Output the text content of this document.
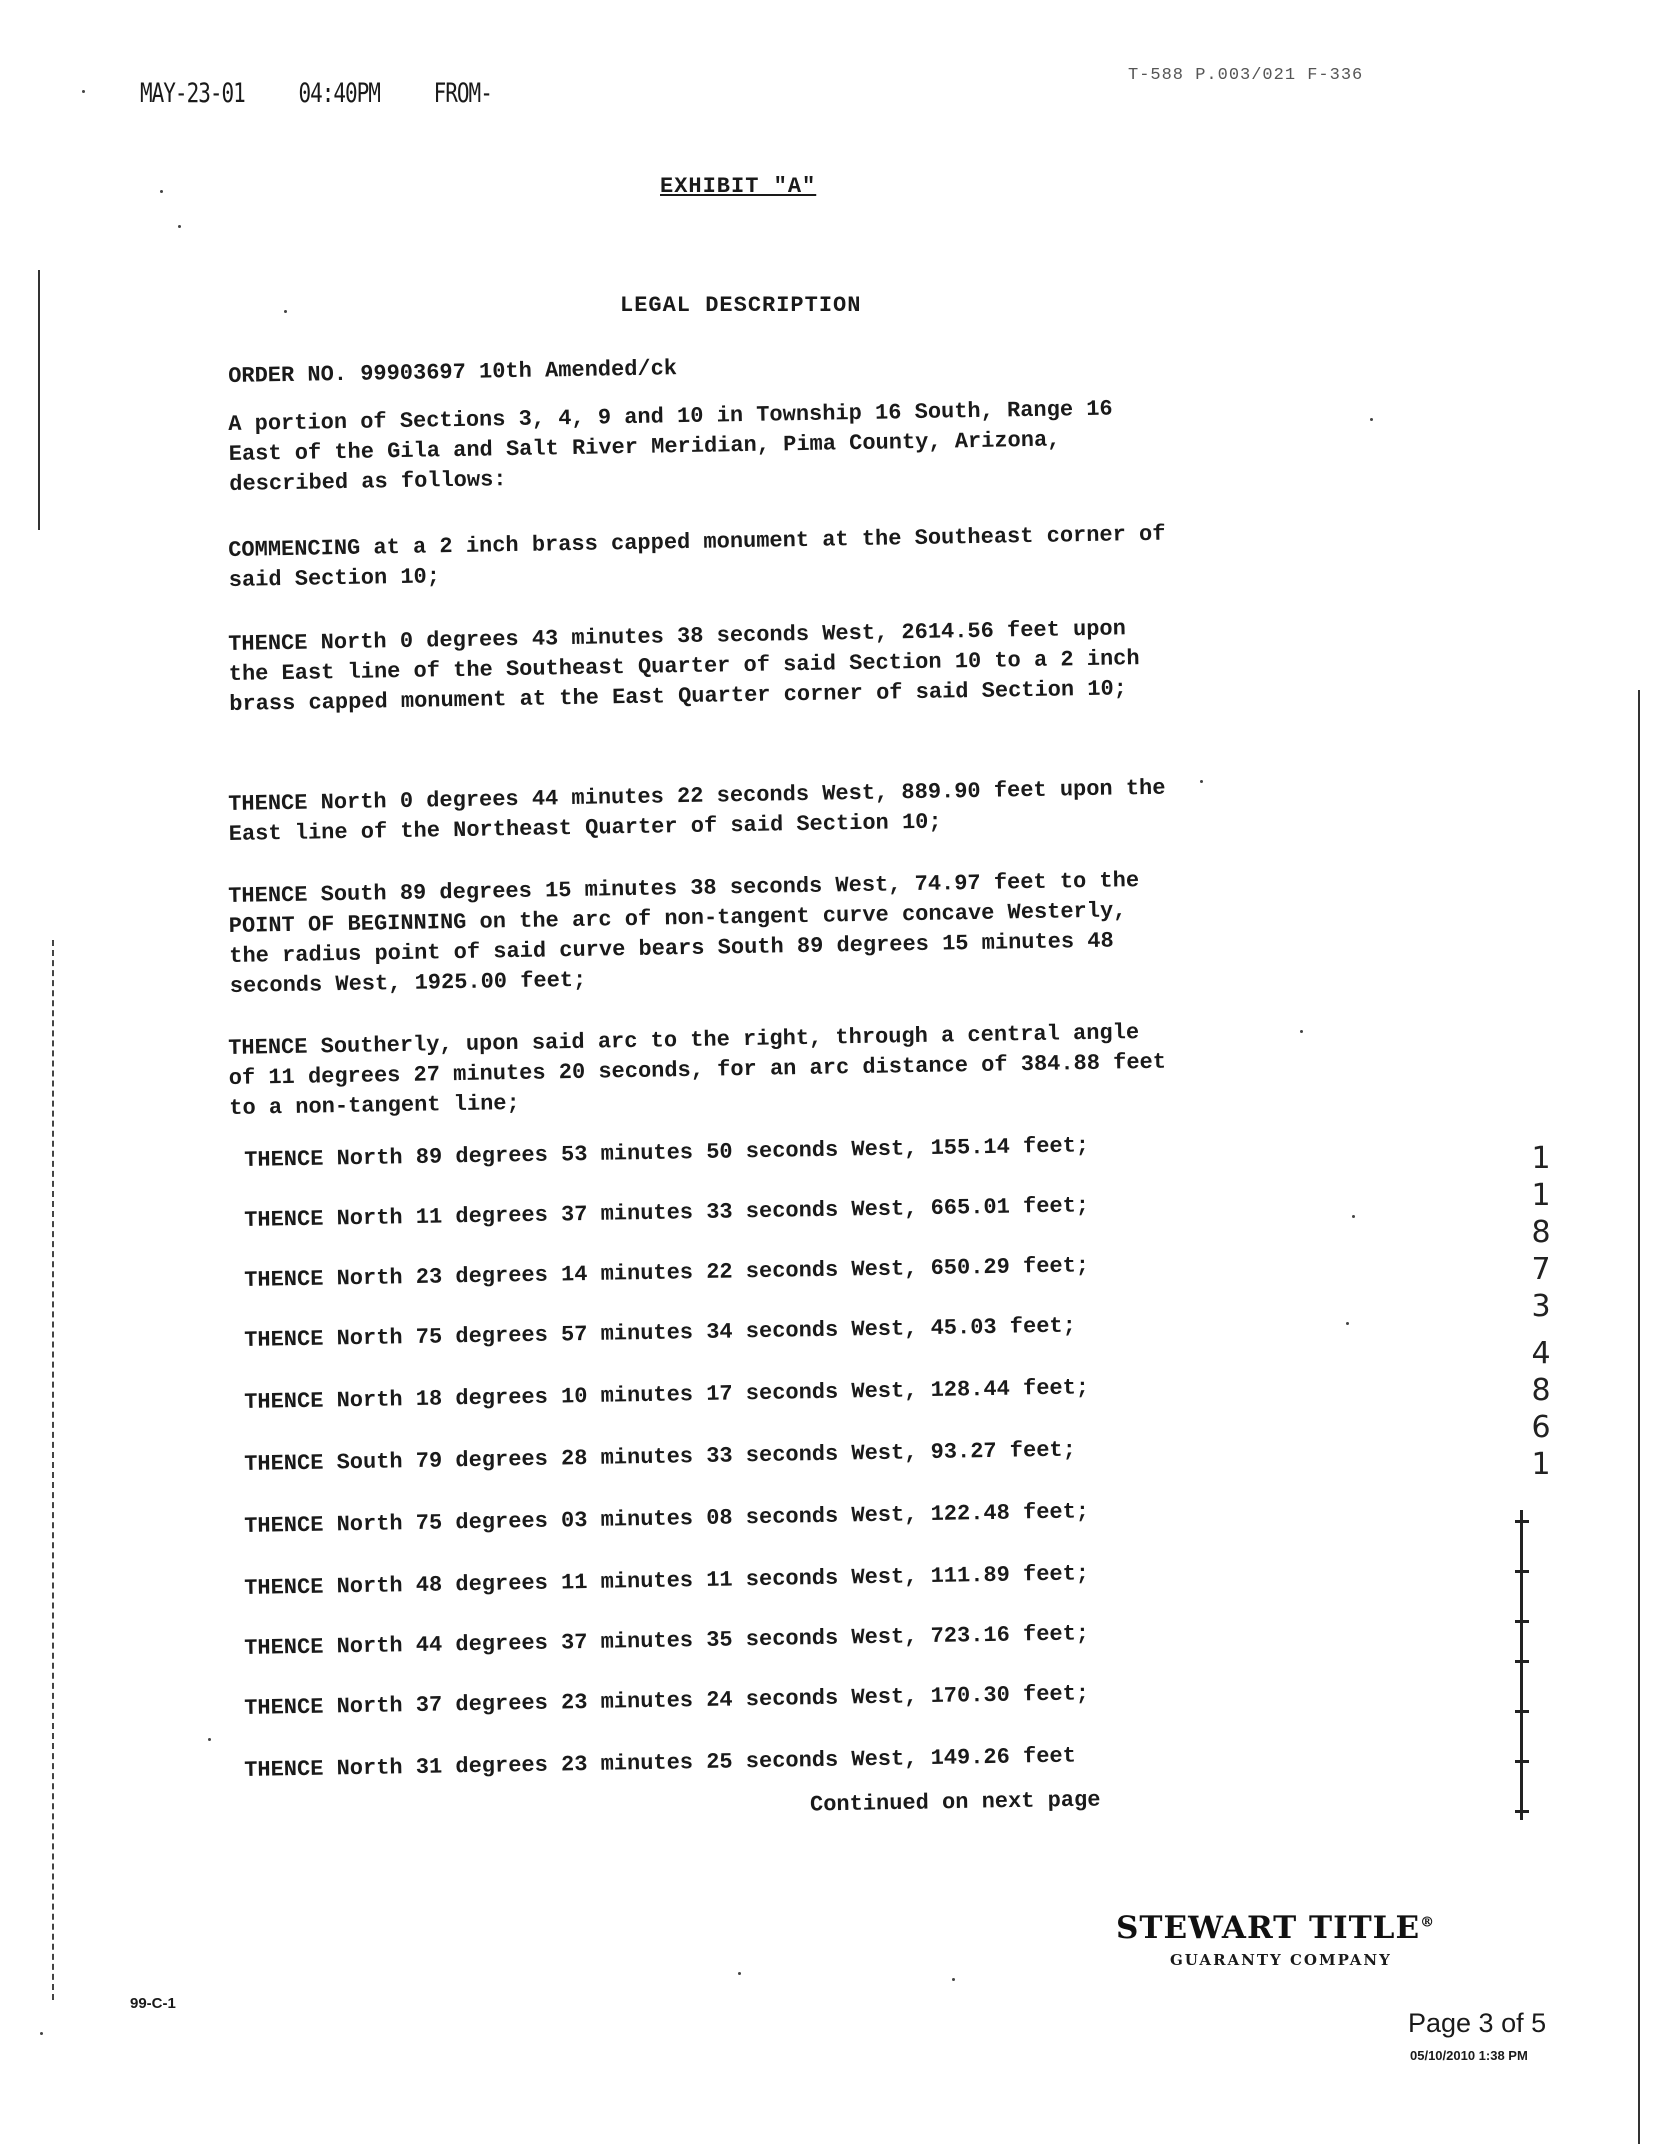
MAY-23-01	04:40PM	FROM-
T-588 P.003/021 F-336
EXHIBIT "A"
LEGAL DESCRIPTION
ORDER NO. 99903697 10th Amended/ck

A portion of Sections 3, 4, 9 and 10 in Township 16 South, Range 16 East of the Gila and Salt River Meridian, Pima County, Arizona, described as follows:

COMMENCING at a 2 inch brass capped monument at the Southeast corner of said Section 10;

THENCE North 0 degrees 43 minutes 38 seconds West, 2614.56 feet upon the East line of the Southeast Quarter of said Section 10 to a 2 inch brass capped monument at the East Quarter corner of said Section 10;

THENCE North 0 degrees 44 minutes 22 seconds West, 889.90 feet upon the East line of the Northeast Quarter of said Section 10;

THENCE South 89 degrees 15 minutes 38 seconds West, 74.97 feet to the POINT OF BEGINNING on the arc of non-tangent curve concave Westerly, the radius point of said curve bears South 89 degrees 15 minutes 48 seconds West, 1925.00 feet;

THENCE Southerly, upon said arc to the right, through a central angle of 11 degrees 27 minutes 20 seconds, for an arc distance of 384.88 feet to a non-tangent line;

THENCE North 89 degrees 53 minutes 50 seconds West, 155.14 feet;
THENCE North 11 degrees 37 minutes 33 seconds West, 665.01 feet;
THENCE North 23 degrees 14 minutes 22 seconds West, 650.29 feet;
THENCE North 75 degrees 57 minutes 34 seconds West, 45.03 feet;
THENCE North 18 degrees 10 minutes 17 seconds West, 128.44 feet;
THENCE South 79 degrees 28 minutes 33 seconds West, 93.27 feet;
THENCE North 75 degrees 03 minutes 08 seconds West, 122.48 feet;
THENCE North 48 degrees 11 minutes 11 seconds West, 111.89 feet;
THENCE North 44 degrees 37 minutes 35 seconds West, 723.16 feet;
THENCE North 37 degrees 23 minutes 24 seconds West, 170.30 feet;
THENCE North 31 degrees 23 minutes 25 seconds West, 149.26 feet
Continued on next page
1
1
8
7
3
4
8
6
1
STEWART TITLE®
GUARANTY COMPANY
99-C-1
Page 3 of 5
05/10/2010 1:38 PM
